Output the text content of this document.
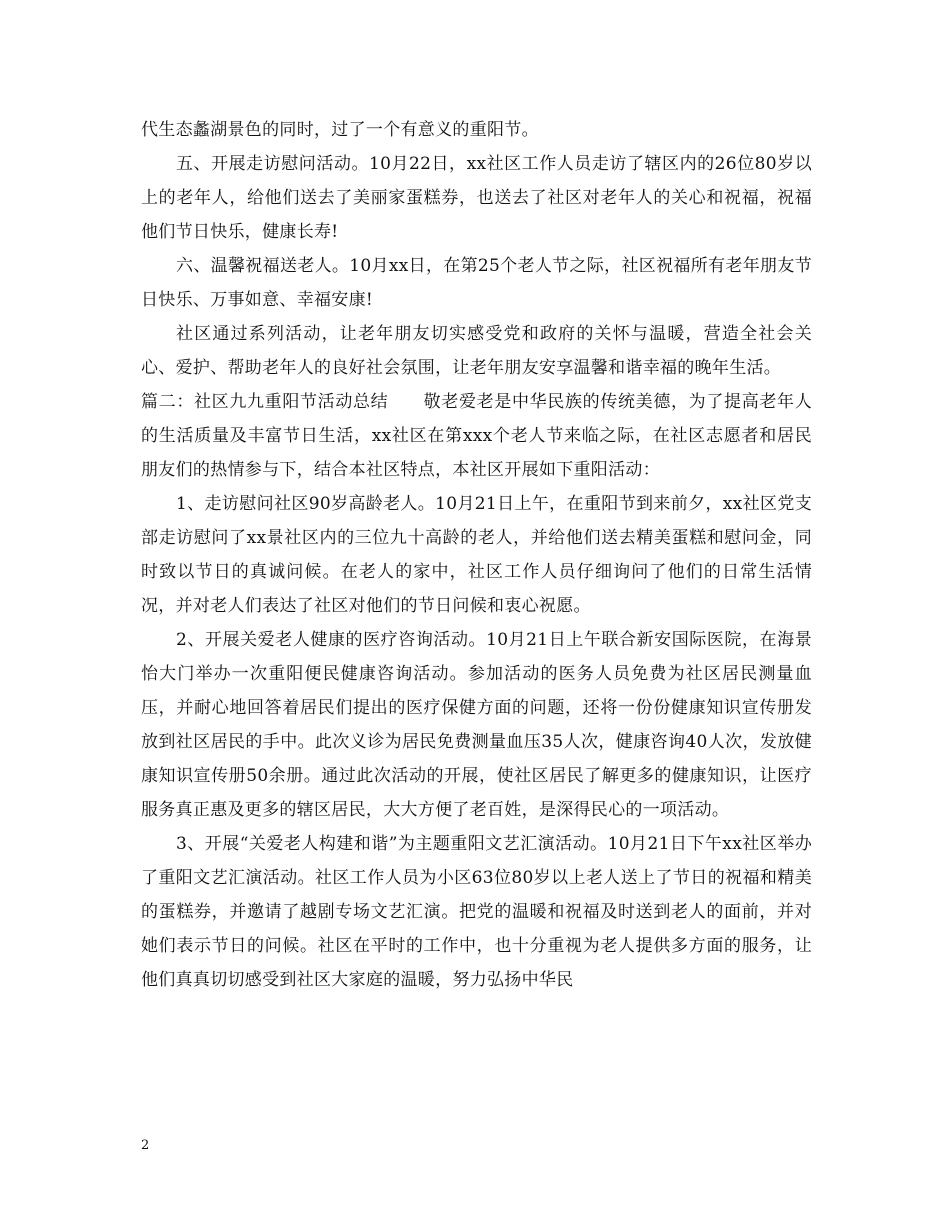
代生态蠡湖景色的同时，过了一个有意义的重阳节。

五、开展走访慰问活动。10月22日，xx社区工作人员走访了辖区内的26位80岁以上的老年人，给他们送去了美丽家蛋糕券，也送去了社区对老年人的关心和祝福，祝福他们节日快乐，健康长寿!

六、温馨祝福送老人。10月xx日，在第25个老人节之际，社区祝福所有老年朋友节日快乐、万事如意、幸福安康!

社区通过系列活动，让老年朋友切实感受党和政府的关怀与温暖，营造全社会关心、爱护、帮助老年人的良好社会氛围，让老年朋友安享温馨和谐幸福的晚年生活。

篇二：社区九九重阳节活动总结　　敬老爱老是中华民族的传统美德，为了提高老年人的生活质量及丰富节日生活，xx社区在第xxx个老人节来临之际，在社区志愿者和居民朋友们的热情参与下，结合本社区特点，本社区开展如下重阳活动：

1、走访慰问社区90岁高龄老人。10月21日上午，在重阳节到来前夕，xx社区党支部走访慰问了xx景社区内的三位九十高龄的老人，并给他们送去精美蛋糕和慰问金，同时致以节日的真诚问候。在老人的家中，社区工作人员仔细询问了他们的日常生活情况，并对老人们表达了社区对他们的节日问候和衷心祝愿。

2、开展关爱老人健康的医疗咨询活动。10月21日上午联合新安国际医院，在海景怡大门举办一次重阳便民健康咨询活动。参加活动的医务人员免费为社区居民测量血压，并耐心地回答着居民们提出的医疗保健方面的问题，还将一份份健康知识宣传册发放到社区居民的手中。此次义诊为居民免费测量血压35人次，健康咨询40人次，发放健康知识宣传册50余册。通过此次活动的开展，使社区居民了解更多的健康知识，让医疗服务真正惠及更多的辖区居民，大大方便了老百姓，是深得民心的一项活动。

3、开展“关爱老人构建和谐”为主题重阳文艺汇演活动。10月21日下午xx社区举办了重阳文艺汇演活动。社区工作人员为小区63位80岁以上老人送上了节日的祝福和精美的蛋糕券，并邀请了越剧专场文艺汇演。把党的温暖和祝福及时送到老人的面前，并对她们表示节日的问候。社区在平时的工作中，也十分重视为老人提供多方面的服务，让他们真真切切感受到社区大家庭的温暖，努力弘扬中华民

2
